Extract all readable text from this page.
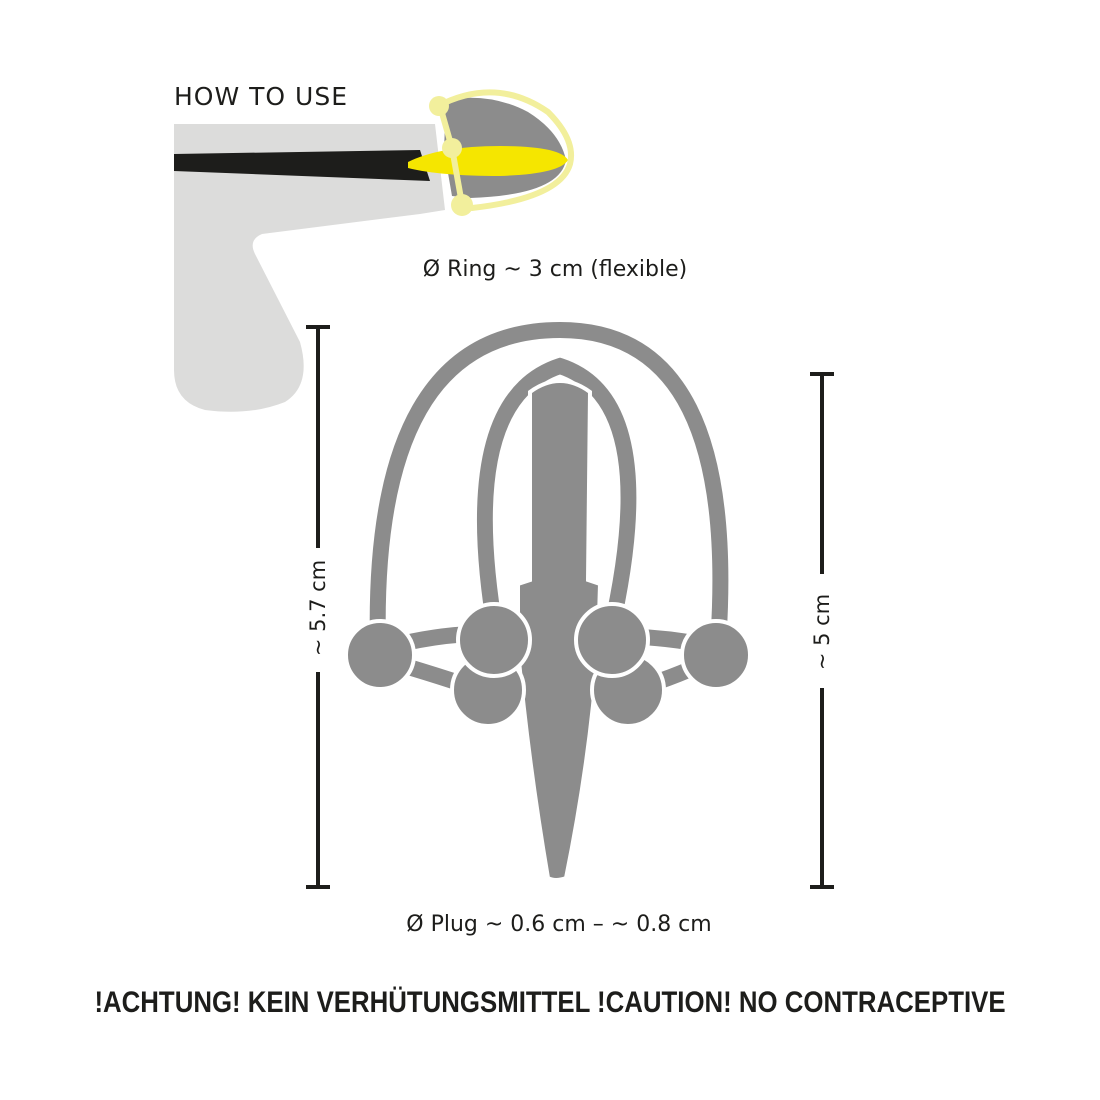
HOW TO USE
Ø Ring ~ 3 cm (flexible)
~ 5.7 cm	~ 5 cm
Ø Plug ~ 0.6 cm – ~ 0.8 cm
!ACHTUNG! KEIN VERHÜTUNGSMITTEL !CAUTION! NO CONTRACEPTIVE
